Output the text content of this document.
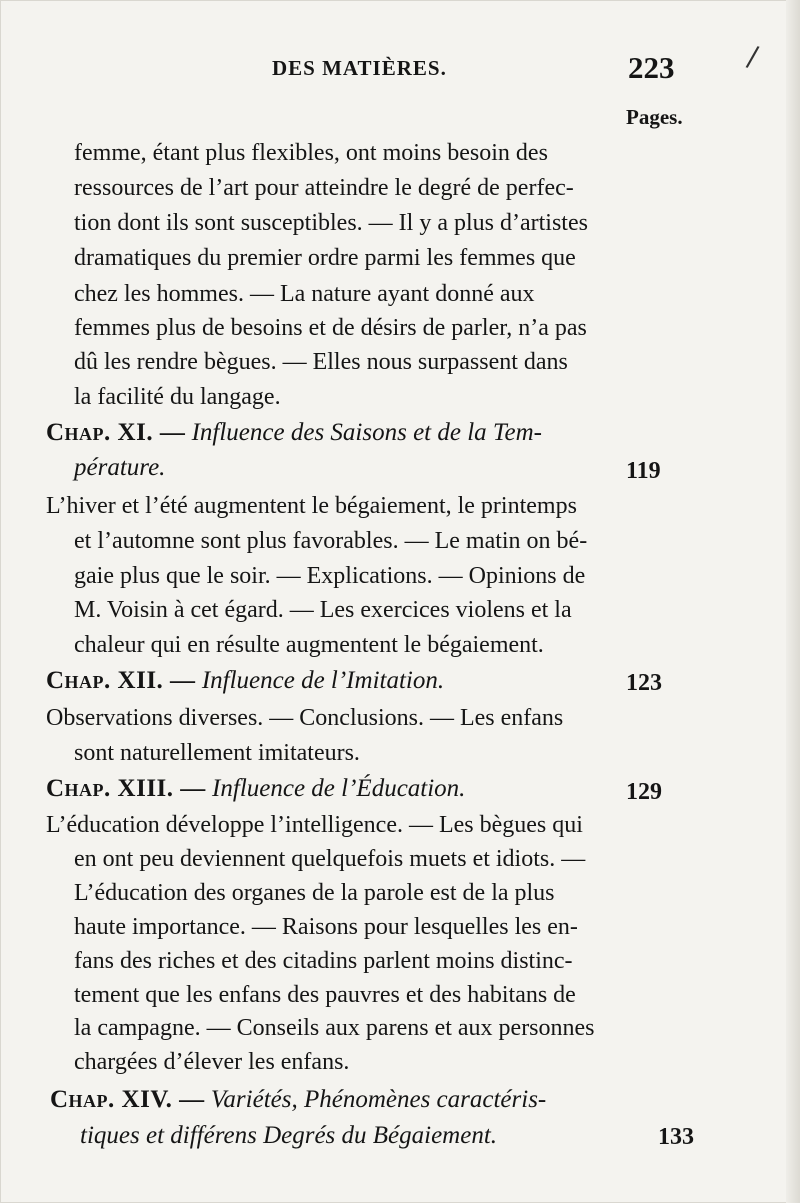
/
DES MATIÈRES.	223
Pages.
femme, étant plus flexibles, ont moins besoin des
ressources de l’art pour atteindre le degré de perfec-
tion dont ils sont susceptibles. — Il y a plus d’artistes
dramatiques du premier ordre parmi les femmes que
chez les hommes. — La nature ayant donné aux
femmes plus de besoins et de désirs de parler, n’a pas
dû les rendre bègues. — Elles nous surpassent dans
la facilité du langage.
Chap. XI. — Influence des Saisons et de la Tem-
pérature.	119
L’hiver et l’été augmentent le bégaiement, le printemps
et l’automne sont plus favorables. — Le matin on bé-
gaie plus que le soir. — Explications. — Opinions de
M. Voisin à cet égard. — Les exercices violens et la
chaleur qui en résulte augmentent le bégaiement.
Chap. XII. — Influence de l’Imitation.	123
Observations diverses. — Conclusions. — Les enfans
sont naturellement imitateurs.
Chap. XIII. — Influence de l’Éducation.	129
L’éducation développe l’intelligence. — Les bègues qui
en ont peu deviennent quelquefois muets et idiots. —
L’éducation des organes de la parole est de la plus
haute importance. — Raisons pour lesquelles les en-
fans des riches et des citadins parlent moins distinc-
tement que les enfans des pauvres et des habitans de
la campagne. — Conseils aux parens et aux personnes
chargées d’élever les enfans.
Chap. XIV. — Variétés, Phénomènes caractéris-
tiques et différens Degrés du Bégaiement.	133
